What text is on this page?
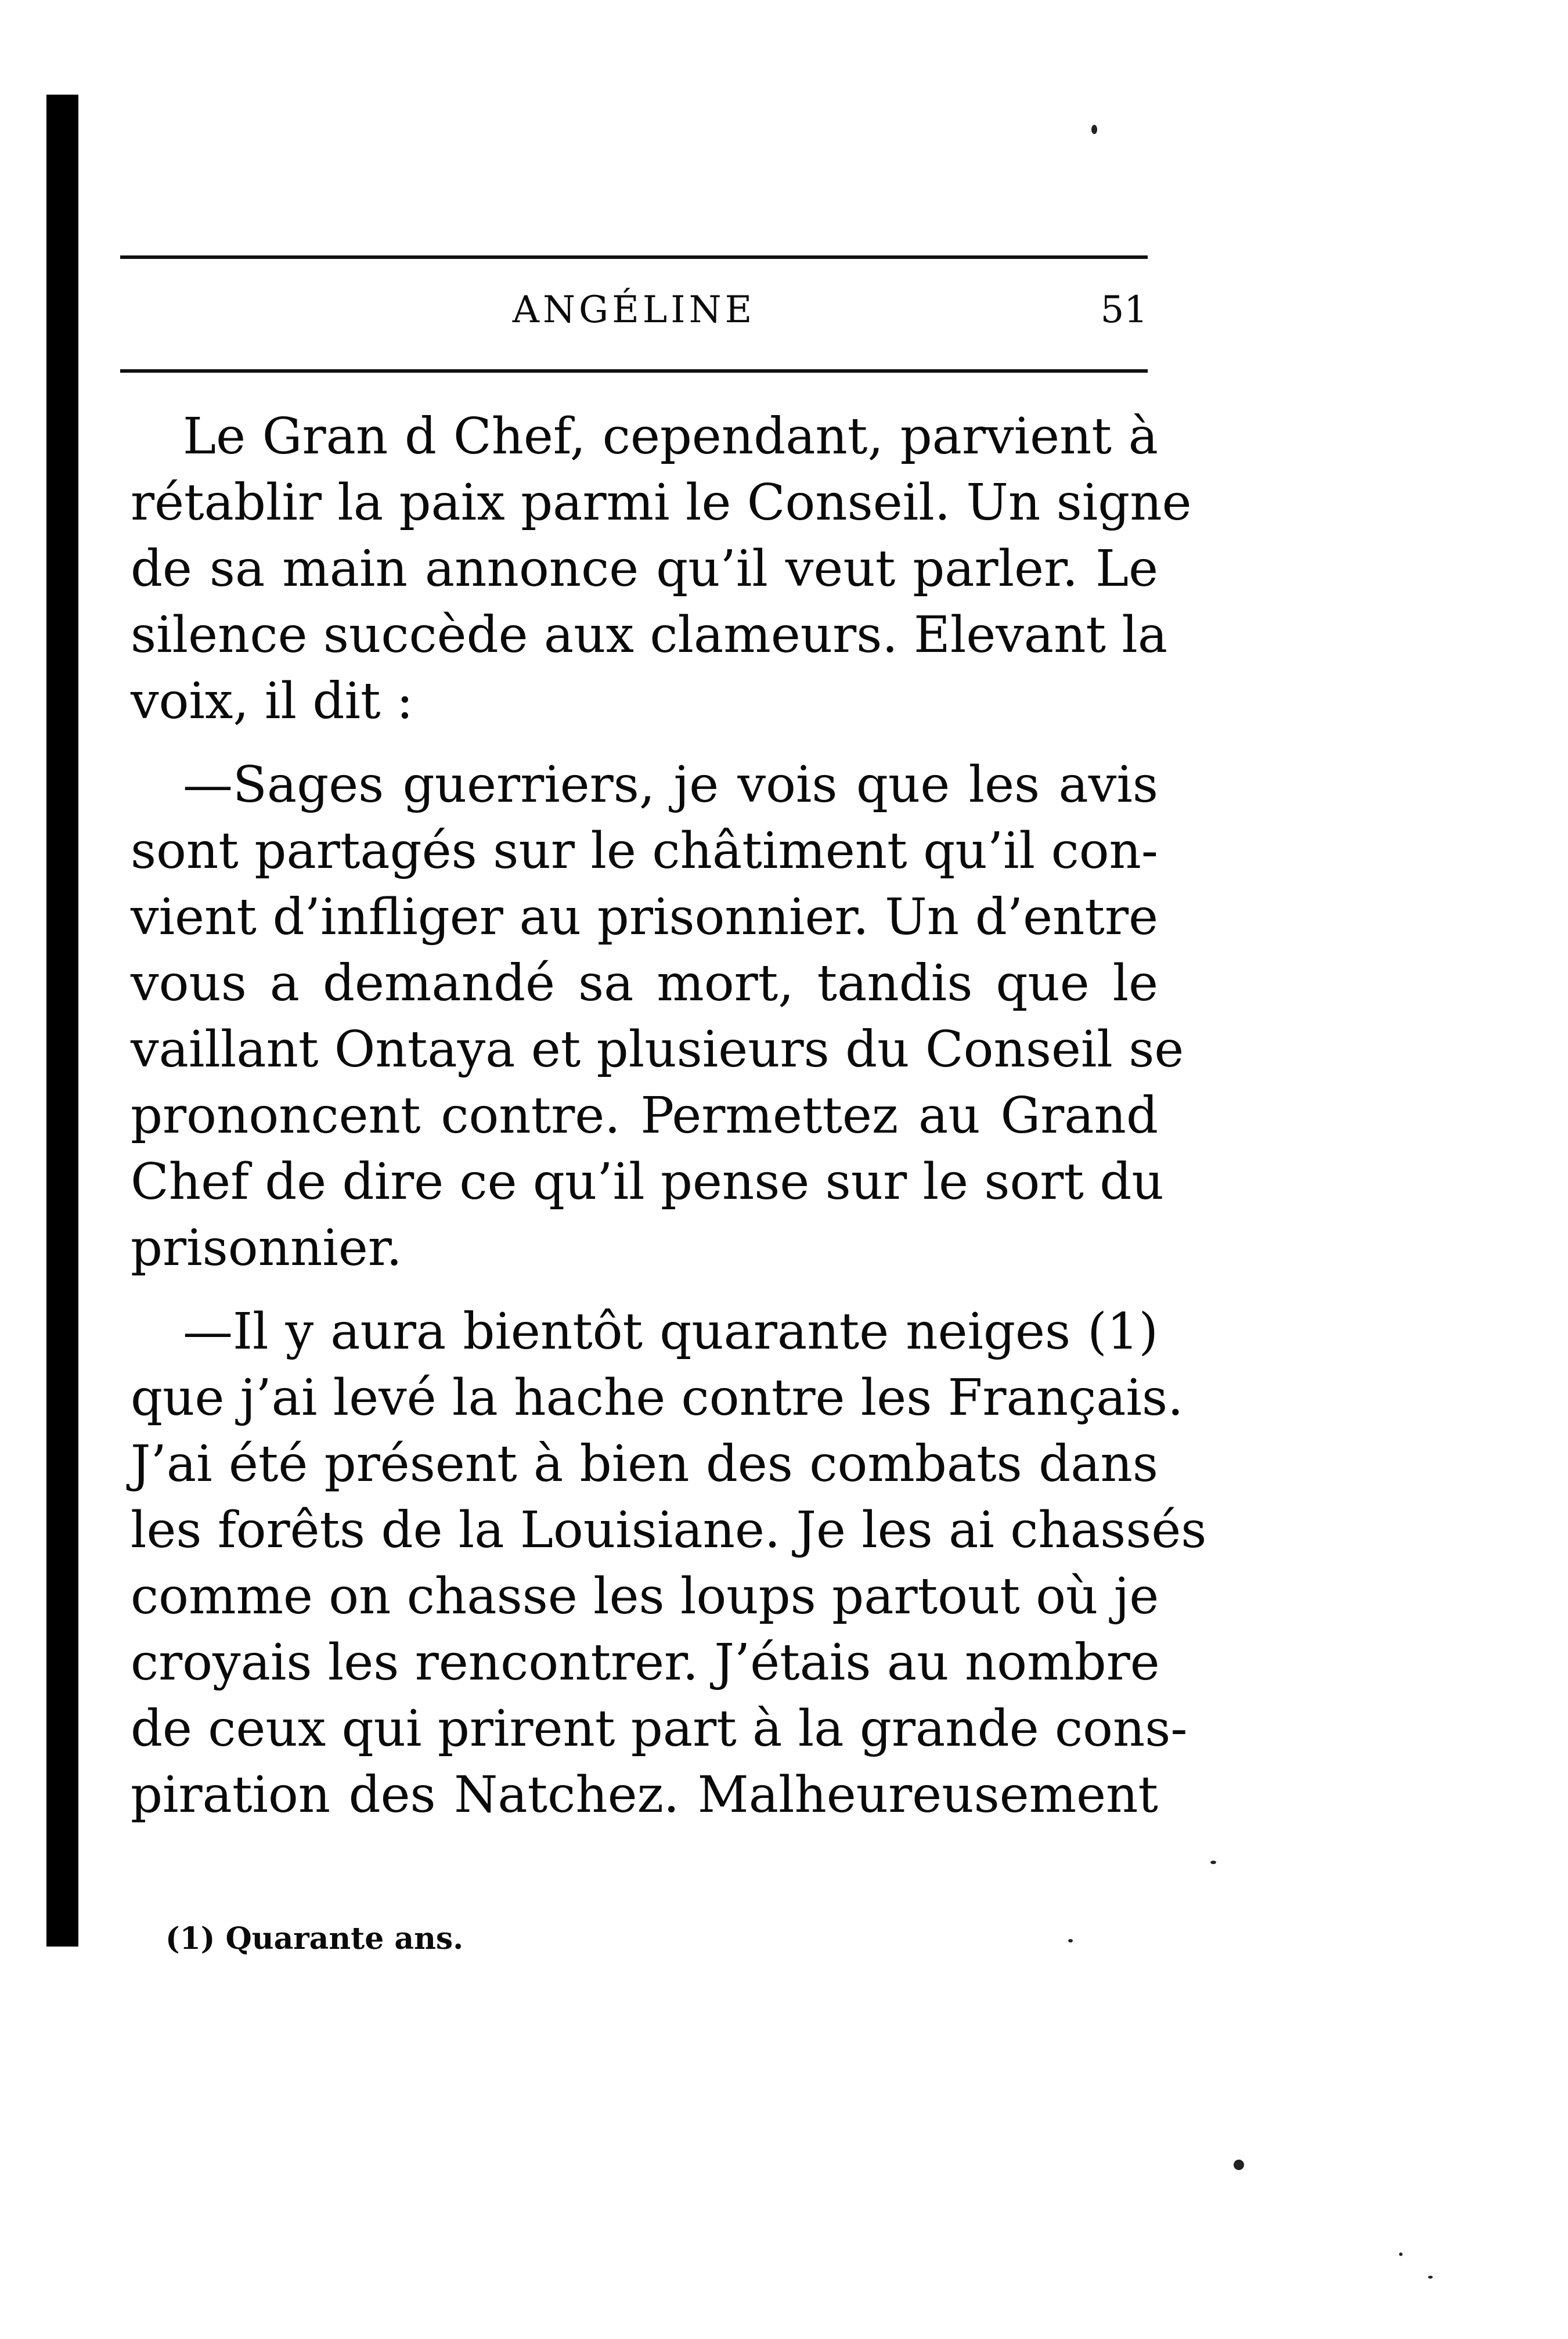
ANGÉLINE	51
Le Gran d Chef, cependant, parvient à
rétablir la paix parmi le Conseil. Un signe
de sa main annonce qu’il veut parler. Le
silence succède aux clameurs. Elevant la
voix, il dit :
—Sages guerriers, je vois que les avis
sont partagés sur le châtiment qu’il con-
vient d’infliger au prisonnier. Un d’entre
vous a demandé sa mort, tandis que le
vaillant Ontaya et plusieurs du Conseil se
prononcent contre. Permettez au Grand
Chef de dire ce qu’il pense sur le sort du
prisonnier.
—Il y aura bientôt quarante neiges (1)
que j’ai levé la hache contre les Français.
J’ai été présent à bien des combats dans
les forêts de la Louisiane. Je les ai chassés
comme on chasse les loups partout où je
croyais les rencontrer. J’étais au nombre
de ceux qui prirent part à la grande cons-
piration des Natchez. Malheureusement
(1) Quarante ans.
